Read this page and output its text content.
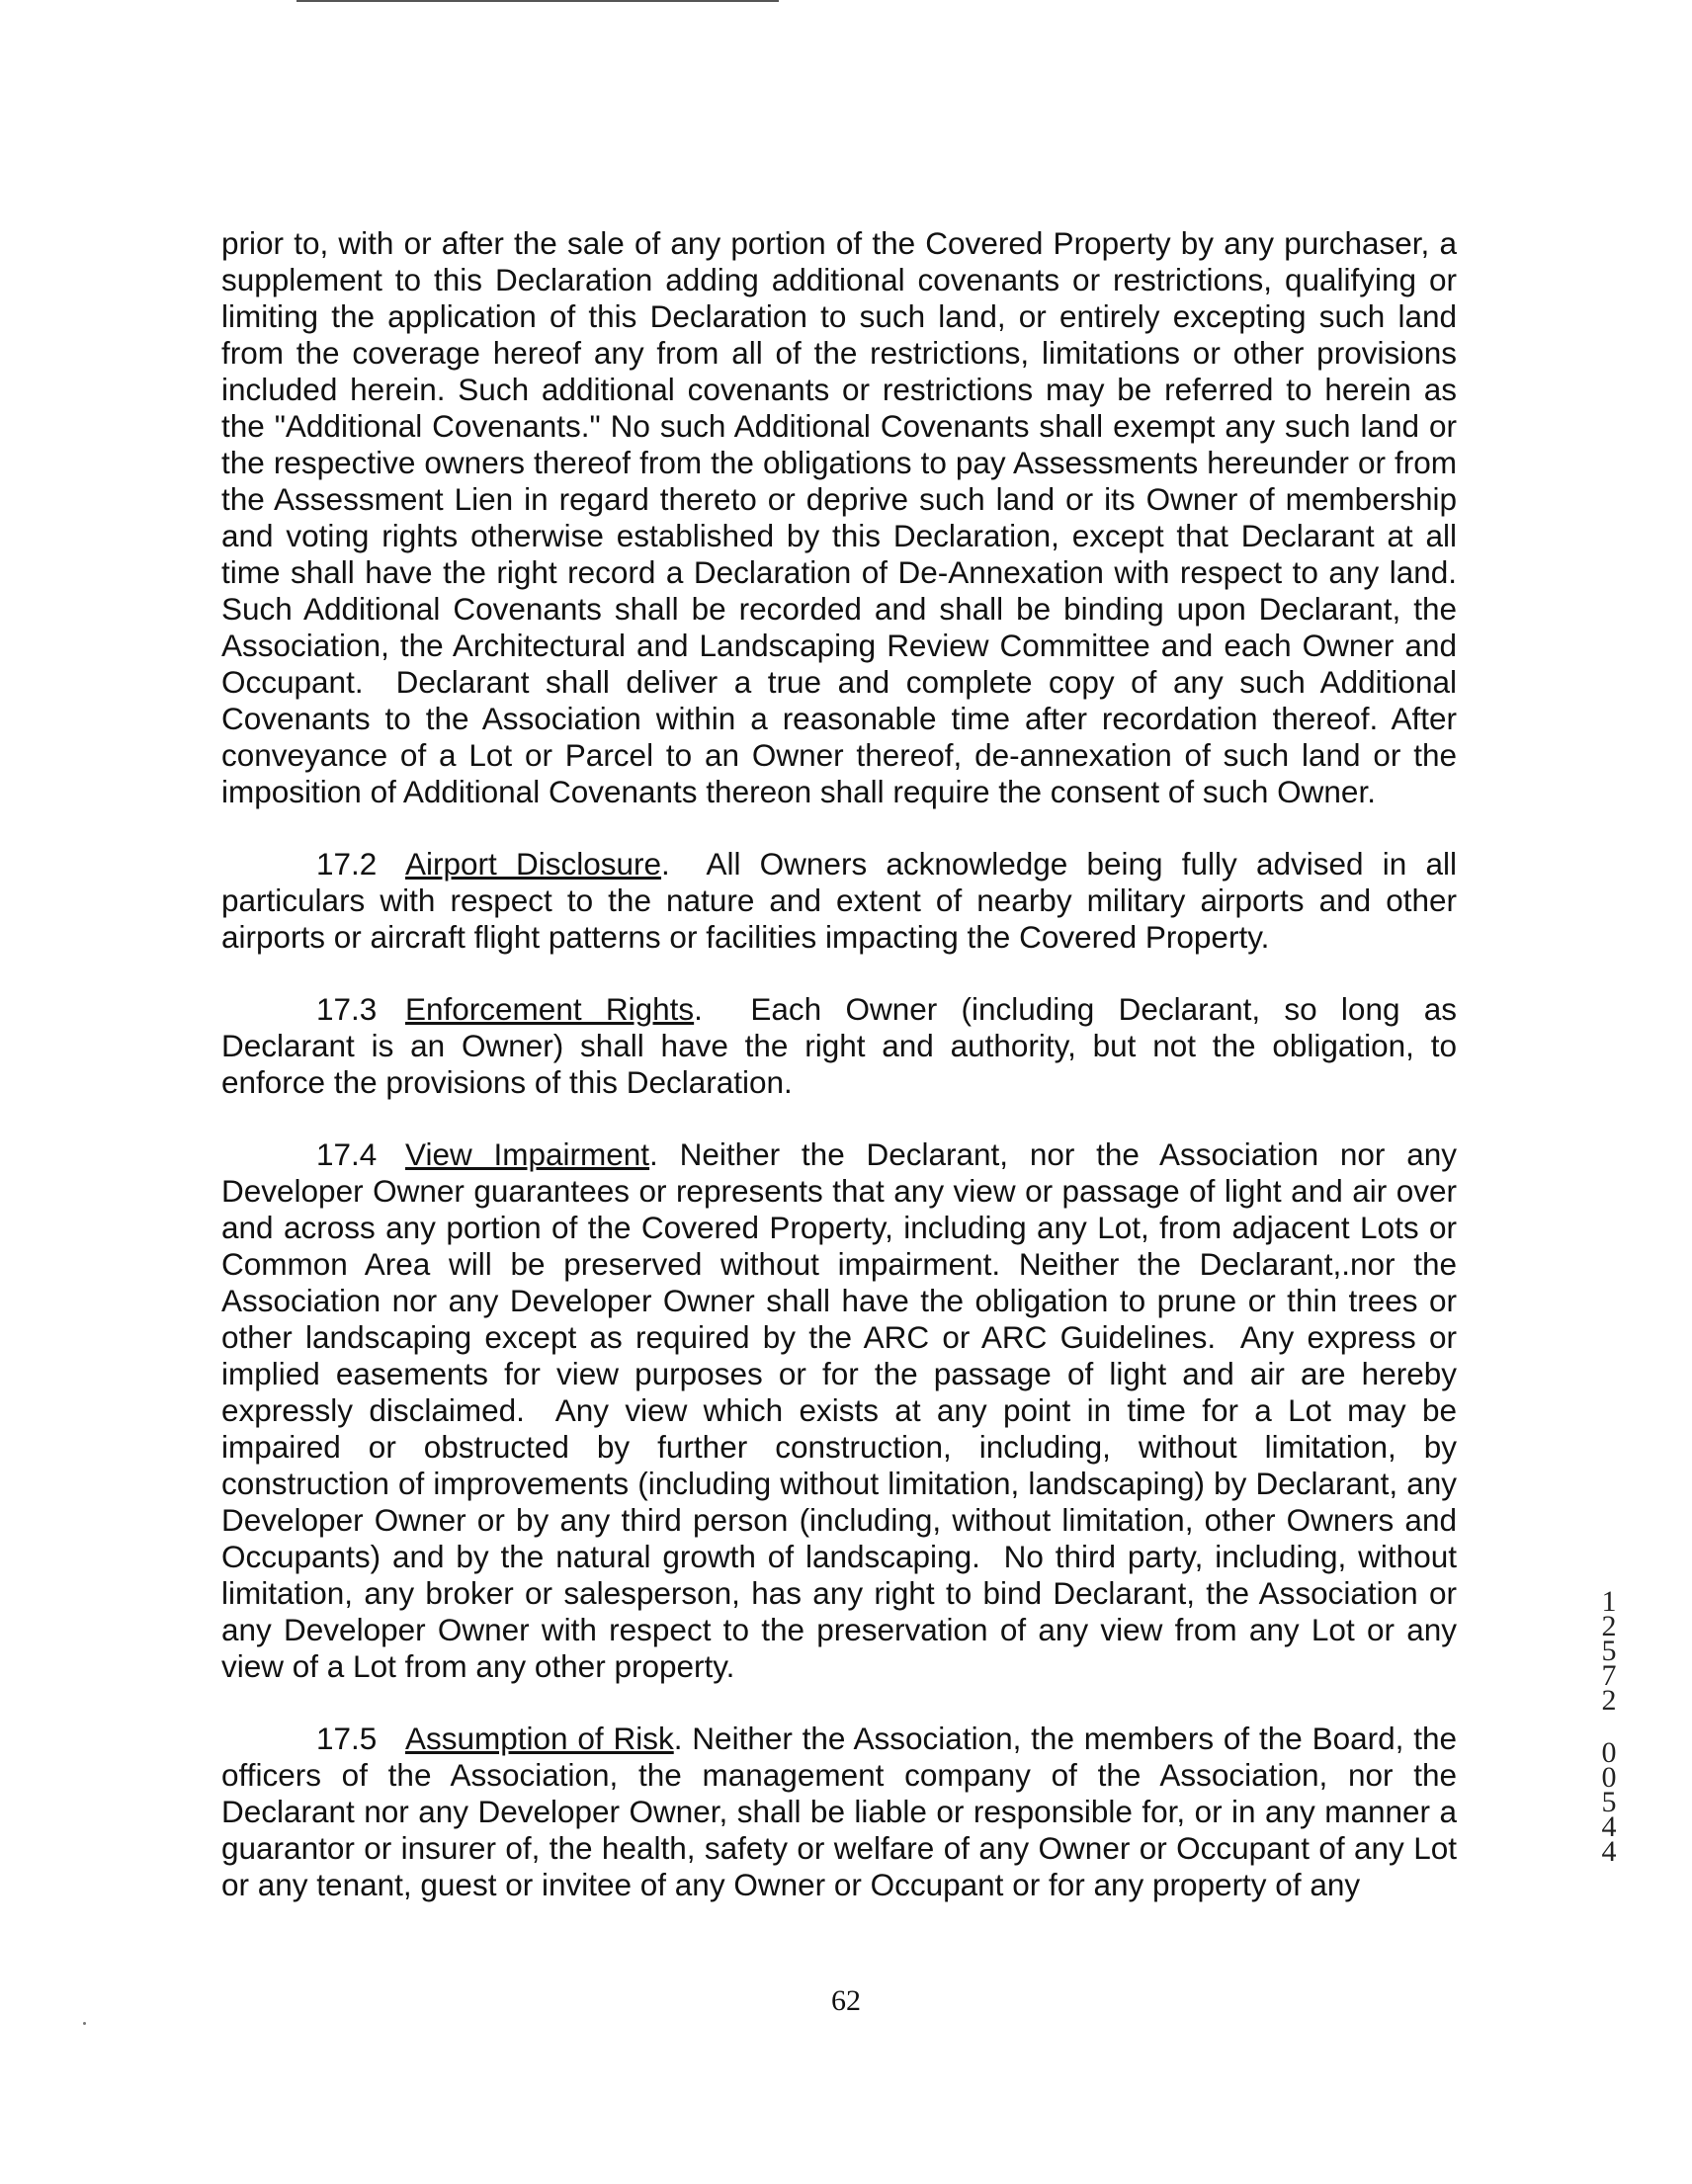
prior to, with or after the sale of any portion of the Covered Property by any purchaser, a supplement to this Declaration adding additional covenants or restrictions, qualifying or limiting the application of this Declaration to such land, or entirely excepting such land from the coverage hereof any from all of the restrictions, limitations or other provisions included herein. Such additional covenants or restrictions may be referred to herein as the "Additional Covenants." No such Additional Covenants shall exempt any such land or the respective owners thereof from the obligations to pay Assessments hereunder or from the Assessment Lien in regard thereto or deprive such land or its Owner of membership and voting rights otherwise established by this Declaration, except that Declarant at all time shall have the right record a Declaration of De-Annexation with respect to any land. Such Additional Covenants shall be recorded and shall be binding upon Declarant, the Association, the Architectural and Landscaping Review Committee and each Owner and Occupant.  Declarant shall deliver a true and complete copy of any such Additional Covenants to the Association within a reasonable time after recordation thereof. After conveyance of a Lot or Parcel to an Owner thereof, de-annexation of such land or the imposition of Additional Covenants thereon shall require the consent of such Owner.

17.2 Airport Disclosure.  All Owners acknowledge being fully advised in all particulars with respect to the nature and extent of nearby military airports and other airports or aircraft flight patterns or facilities impacting the Covered Property.

17.3 Enforcement Rights.  Each Owner (including Declarant, so long as Declarant is an Owner) shall have the right and authority, but not the obligation, to enforce the provisions of this Declaration.

17.4 View Impairment. Neither the Declarant, nor the Association nor any Developer Owner guarantees or represents that any view or passage of light and air over and across any portion of the Covered Property, including any Lot, from adjacent Lots or Common Area will be preserved without impairment. Neither the Declarant,.nor the Association nor any Developer Owner shall have the obligation to prune or thin trees or other landscaping except as required by the ARC or ARC Guidelines.  Any express or implied easements for view purposes or for the passage of light and air are hereby expressly disclaimed.  Any view which exists at any point in time for a Lot may be impaired or obstructed by further construction, including, without limitation, by construction of improvements (including without limitation, landscaping) by Declarant, any Developer Owner or by any third person (including, without limitation, other Owners and Occupants) and by the natural growth of landscaping.  No third party, including, without limitation, any broker or salesperson, has any right to bind Declarant, the Association or any Developer Owner with respect to the preservation of any view from any Lot or any view of a Lot from any other property.

17.5 Assumption of Risk. Neither the Association, the members of the Board, the officers of the Association, the management company of the Association, nor the Declarant nor any Developer Owner, shall be liable or responsible for, or in any manner a guarantor or insurer of, the health, safety or welfare of any Owner or Occupant of any Lot or any tenant, guest or invitee of any Owner or Occupant or for any property of any

62
1
2
5
7
2
0
0
5
4
4
